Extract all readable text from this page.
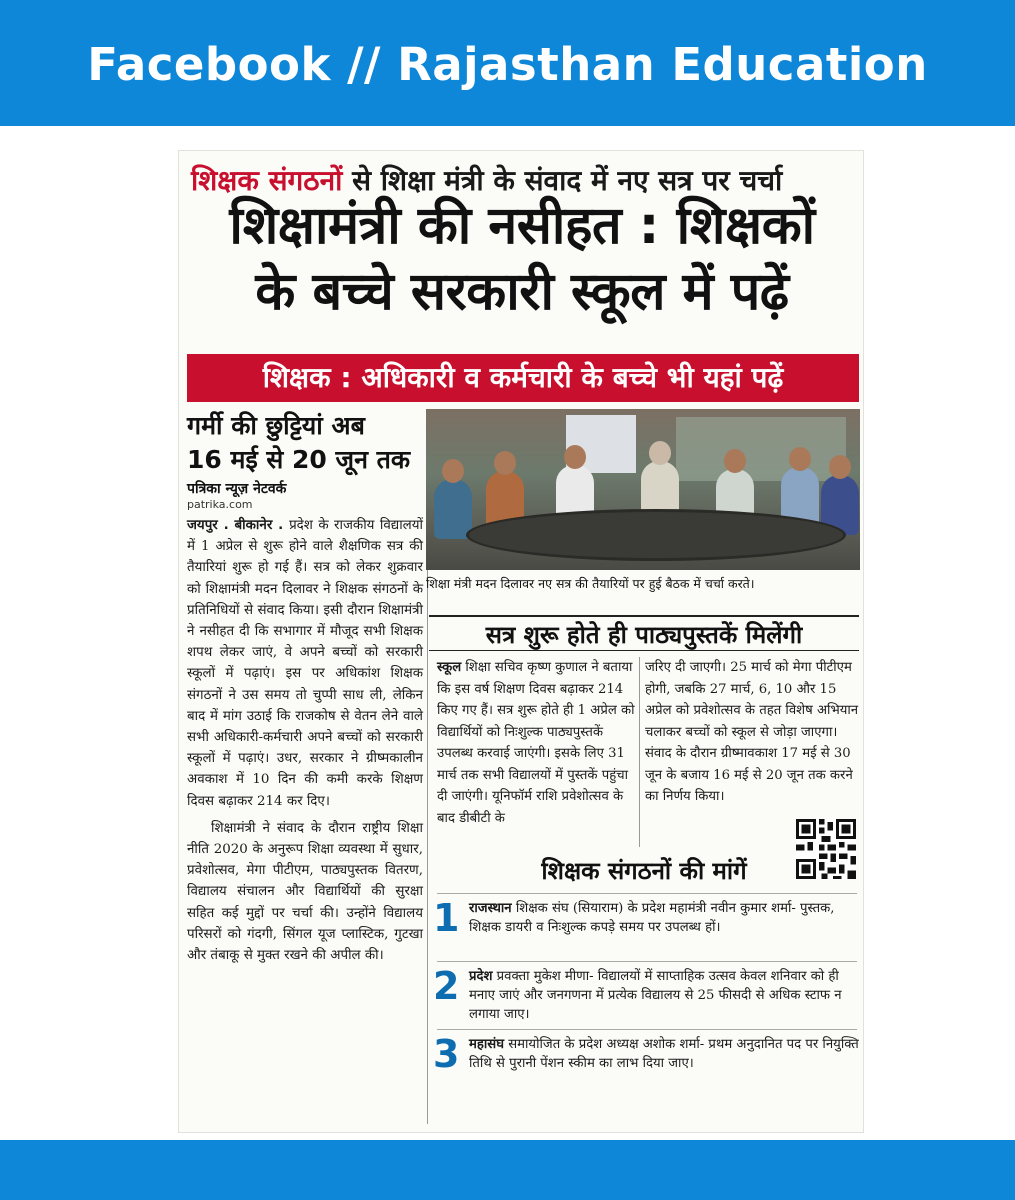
Facebook // Rajasthan Education
शिक्षक संगठनों से शिक्षा मंत्री के संवाद में नए सत्र पर चर्चा
शिक्षामंत्री की नसीहत : शिक्षकों
के बच्चे सरकारी स्कूल में पढ़ें
शिक्षक : अधिकारी व कर्मचारी के बच्चे भी यहां पढ़ें
गर्मी की छुट्टियां अब
16 मई से 20 जून तक
पत्रिका न्यूज़ नेटवर्क
patrika.com

जयपुर . बीकानेर . प्रदेश के राजकीय विद्यालयों में 1 अप्रेल से शुरू होने वाले शैक्षणिक सत्र की तैयारियां शुरू हो गई हैं। सत्र को लेकर शुक्रवार को शिक्षामंत्री मदन दिलावर ने शिक्षक संगठनों के प्रतिनिधियों से संवाद किया। इसी दौरान शिक्षामंत्री ने नसीहत दी कि सभागार में मौजूद सभी शिक्षक शपथ लेकर जाएं, वे अपने बच्चों को सरकारी स्कूलों में पढ़ाएं। इस पर अधिकांश शिक्षक संगठनों ने उस समय तो चुप्पी साध ली, लेकिन बाद में मांग उठाई कि राजकोष से वेतन लेने वाले सभी अधिकारी-कर्मचारी अपने बच्चों को सरकारी स्कूलों में पढ़ाएं। उधर, सरकार ने ग्रीष्मकालीन अवकाश में 10 दिन की कमी करके शिक्षण दिवस बढ़ाकर 214 कर दिए।

शिक्षामंत्री ने संवाद के दौरान राष्ट्रीय शिक्षा नीति 2020 के अनुरूप शिक्षा व्यवस्था में सुधार, प्रवेशोत्सव, मेगा पीटीएम, पाठ्यपुस्तक वितरण, विद्यालय संचालन और विद्यार्थियों की सुरक्षा सहित कई मुद्दों पर चर्चा की। उन्होंने विद्यालय परिसरों को गंदगी, सिंगल यूज प्लास्टिक, गुटखा और तंबाकू से मुक्त रखने की अपील की।

शिक्षा मंत्री मदन दिलावर नए सत्र की तैयारियों पर हुई बैठक में चर्चा करते।
सत्र शुरू होते ही पाठ्यपुस्तकें मिलेंगी
स्कूल शिक्षा सचिव कृष्ण कुणाल ने बताया कि इस वर्ष शिक्षण दिवस बढ़ाकर 214 किए गए हैं। सत्र शुरू होते ही 1 अप्रेल को विद्यार्थियों को निःशुल्क पाठ्यपुस्तकें उपलब्ध करवाई जाएंगी। इसके लिए 31 मार्च तक सभी विद्यालयों में पुस्तकें पहुंचा दी जाएंगी। यूनिफॉर्म राशि प्रवेशोत्सव के बाद डीबीटी के
जरिए दी जाएगी। 25 मार्च को मेगा पीटीएम होगी, जबकि 27 मार्च, 6, 10 और 15 अप्रेल को प्रवेशोत्सव के तहत विशेष अभियान चलाकर बच्चों को स्कूल से जोड़ा जाएगा। संवाद के दौरान ग्रीष्मावकाश 17 मई से 30 जून के बजाय 16 मई से 20 जून तक करने का निर्णय किया।
शिक्षक संगठनों की मांगें
1 राजस्थान शिक्षक संघ (सियाराम) के प्रदेश महामंत्री नवीन कुमार शर्मा- पुस्तक, शिक्षक डायरी व निःशुल्क कपड़े समय पर उपलब्ध हों।
2 प्रदेश प्रवक्ता मुकेश मीणा- विद्यालयों में साप्ताहिक उत्सव केवल शनिवार को ही मनाए जाएं और जनगणना में प्रत्येक विद्यालय से 25 फीसदी से अधिक स्टाफ न लगाया जाए।
3 महासंघ समायोजित के प्रदेश अध्यक्ष अशोक शर्मा- प्रथम अनुदानित पद पर नियुक्ति तिथि से पुरानी पेंशन स्कीम का लाभ दिया जाए।
